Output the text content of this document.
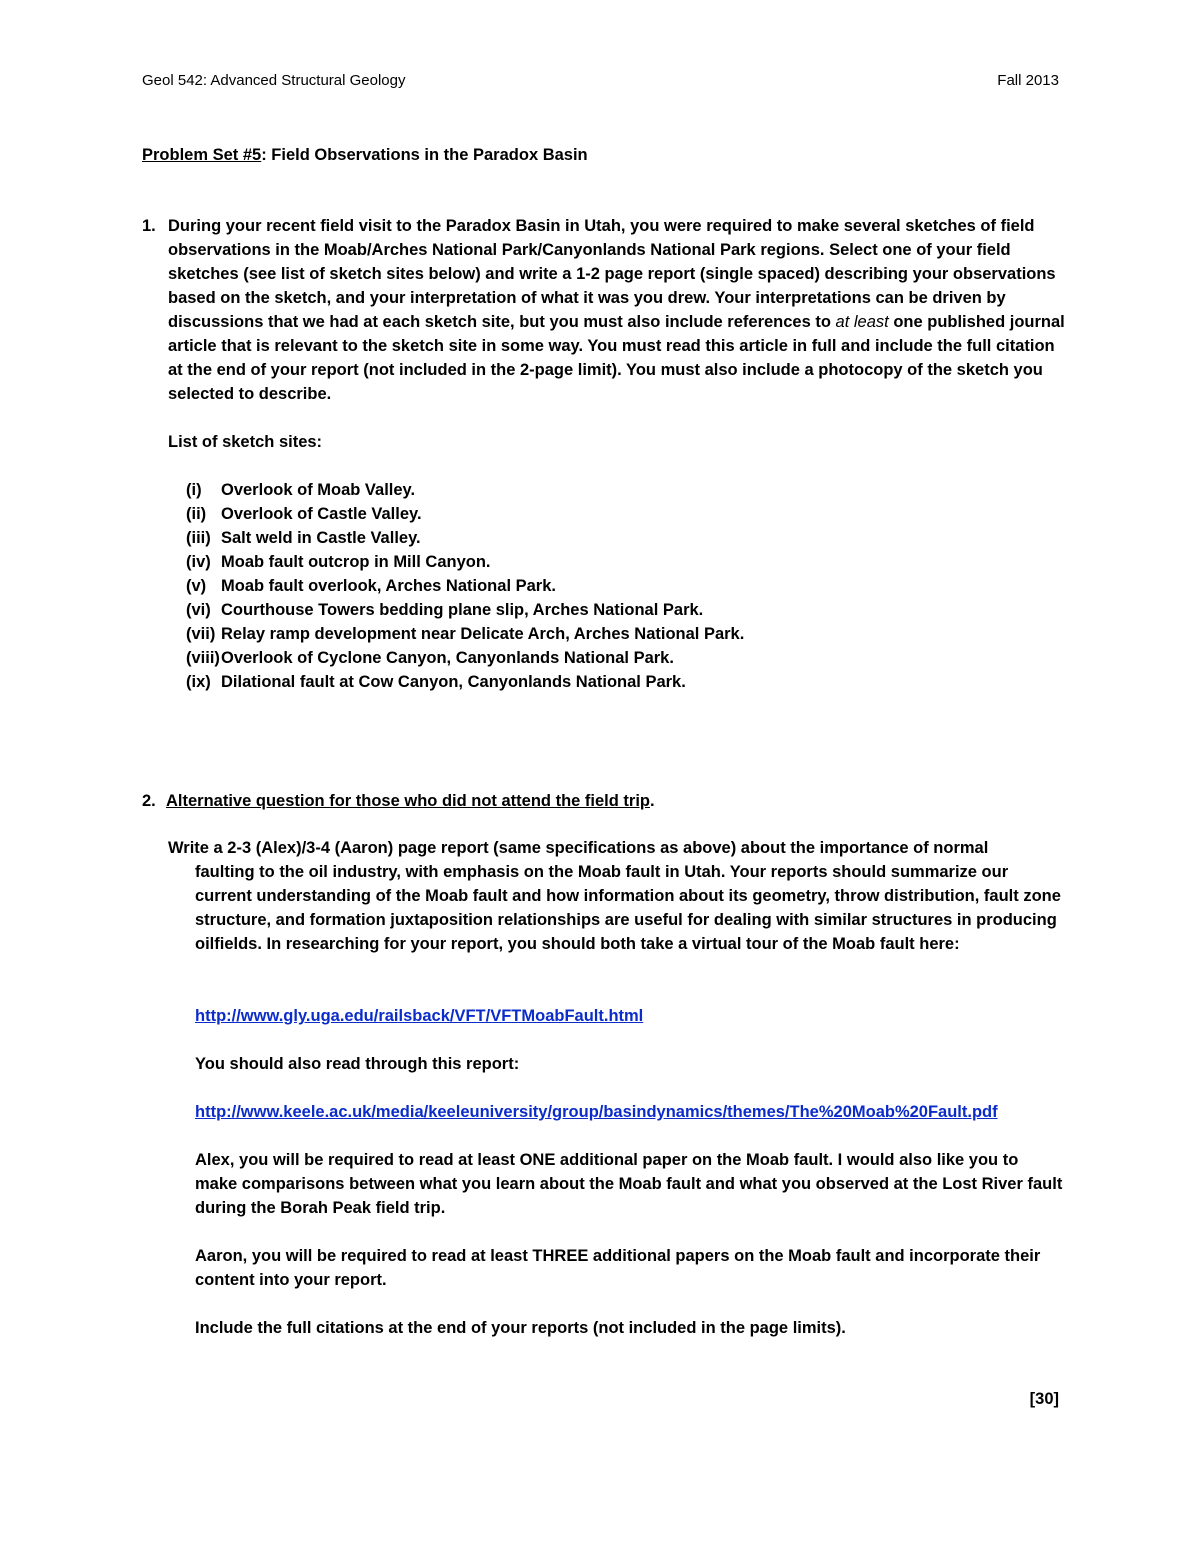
Geol 542: Advanced Structural Geology	Fall 2013
Problem Set #5: Field Observations in the Paradox Basin
1. During your recent field visit to the Paradox Basin in Utah, you were required to make several sketches of field observations in the Moab/Arches National Park/Canyonlands National Park regions. Select one of your field sketches (see list of sketch sites below) and write a 1-2 page report (single spaced) describing your observations based on the sketch, and your interpretation of what it was you drew. Your interpretations can be driven by discussions that we had at each sketch site, but you must also include references to at least one published journal article that is relevant to the sketch site in some way. You must read this article in full and include the full citation at the end of your report (not included in the 2-page limit). You must also include a photocopy of the sketch you selected to describe.

List of sketch sites:
(i) Overlook of Moab Valley.
(ii) Overlook of Castle Valley.
(iii) Salt weld in Castle Valley.
(iv) Moab fault outcrop in Mill Canyon.
(v) Moab fault overlook, Arches National Park.
(vi) Courthouse Towers bedding plane slip, Arches National Park.
(vii) Relay ramp development near Delicate Arch, Arches National Park.
(viii) Overlook of Cyclone Canyon, Canyonlands National Park.
(ix) Dilational fault at Cow Canyon, Canyonlands National Park.
2. Alternative question for those who did not attend the field trip.
Write a 2-3 (Alex)/3-4 (Aaron) page report (same specifications as above) about the importance of normal
faulting to the oil industry, with emphasis on the Moab fault in Utah. Your reports should summarize our current understanding of the Moab fault and how information about its geometry, throw distribution, fault zone structure, and formation juxtaposition relationships are useful for dealing with similar structures in producing oilfields. In researching for your report, you should both take a virtual tour of the Moab fault here:
http://www.gly.uga.edu/railsback/VFT/VFTMoabFault.html
You should also read through this report:
http://www.keele.ac.uk/media/keeleuniversity/group/basindynamics/themes/The%20Moab%20Fault.pdf
Alex, you will be required to read at least ONE additional paper on the Moab fault. I would also like you to make comparisons between what you learn about the Moab fault and what you observed at the Lost River fault during the Borah Peak field trip.
Aaron, you will be required to read at least THREE additional papers on the Moab fault and incorporate their content into your report.
Include the full citations at the end of your reports (not included in the page limits).
[30]
